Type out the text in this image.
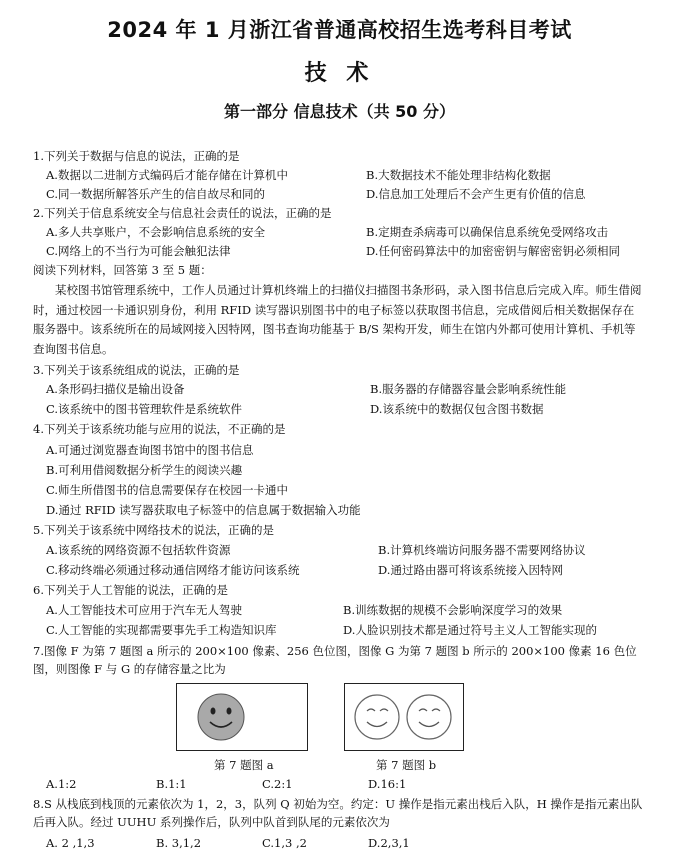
2024 年 1 月浙江省普通高校招生选考科目考试
技 术
第一部分 信息技术（共 50 分）
1.下列关于数据与信息的说法，正确的是
A.数据以二进制方式编码后才能存储在计算机中	B.大数据技术不能处理非结构化数据
C.同一数据所解答乐产生的信自故尽和同的	D.信息加工处理后不会产生更有价值的信息
2.下列关于信息系统安全与信息社会责任的说法，正确的是
A.多人共享账户，不会影响信息系统的安全	B.定期查杀病毒可以确保信息系统免受网络攻击
C.网络上的不当行为可能会触犯法律	D.任何密码算法中的加密密钥与解密密钥必须相同
阅读下列材料，回答第 3 至 5 题：
某校图书馆管理系统中，工作人员通过计算机终端上的扫描仪扫描图书条形码，录入图书信息后完成入库。师生借阅时，通过校园一卡通识别身份，利用 RFID 读写器识别图书中的电子标签以获取图书信息，完成借阅后相关数据保存在服务器中。该系统所在的局域网接入因特网，图书查询功能基于 B/S 架构开发，师生在馆内外都可使用计算机、手机等查询图书信息。
3.下列关于该系统组成的说法，正确的是
A.条形码扫描仪是输出设备	B.服务器的存储器容量会影响系统性能
C.该系统中的图书管理软件是系统软件	D.该系统中的数据仅包含图书数据
4.下列关于该系统功能与应用的说法，不正确的是
A.可通过浏览器查询图书馆中的图书信息
B.可利用借阅数据分析学生的阅读兴趣
C.师生所借图书的信息需要保存在校园一卡通中
D.通过 RFID 读写器获取电子标签中的信息属于数据输入功能
5.下列关于该系统中网络技术的说法，正确的是
A.该系统的网络资源不包括软件资源	B.计算机终端访问服务器不需要网络协议
C.移动终端必须通过移动通信网络才能访问该系统	D.通过路由器可将该系统接入因特网
6.下列关于人工智能的说法，正确的是
A.人工智能技术可应用于汽车无人驾驶	B.训练数据的规模不会影响深度学习的效果
C.人工智能的实现都需要事先手工构造知识库	D.人脸识别技术都是通过符号主义人工智能实现的
7.图像 F 为第 7 题图 a 所示的 200×100 像素、256 色位图，图像 G 为第 7 题图 b 所示的 200×100 像素 16 色位图，则图像 F 与 G 的存储容量之比为
第 7 题图 a	第 7 题图 b
A.1:2	B.1:1	C.2:1	D.16:1
8.S 从栈底到栈顶的元素依次为 1，2，3，队列 Q 初始为空。约定：U 操作是指元素出栈后入队，H 操作是指元素出队后再入队。经过 UUHU 系列操作后，队列中队首到队尾的元素依次为
A. 2 ,1,3	B. 3,1,2	C.1,3 ,2	D.2,3,1
